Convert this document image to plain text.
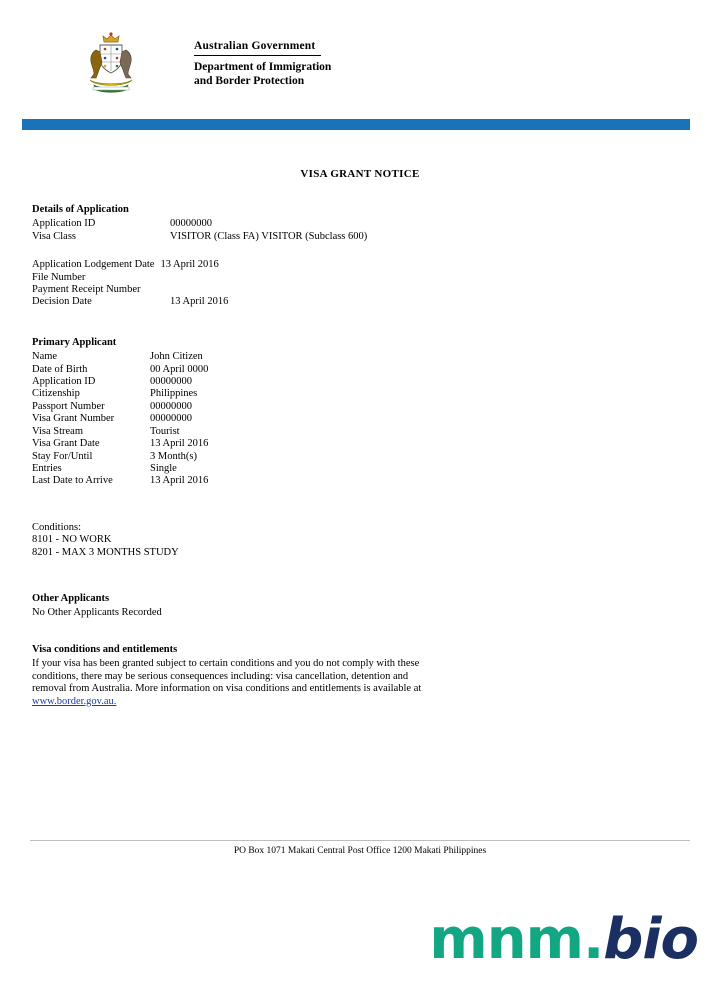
Australian Government
Department of Immigration
and Border Protection
VISA GRANT NOTICE
Details of Application
Application ID	00000000
Visa Class	VISITOR (Class FA) VISITOR (Subclass 600)
Application Lodgement Date 13 April 2016
File Number
Payment Receipt Number
Decision Date	13 April 2016
Primary Applicant
Name	John Citizen
Date of Birth	00 April 0000
Application ID	00000000
Citizenship	Philippines
Passport Number	00000000
Visa Grant Number	00000000
Visa Stream	Tourist
Visa Grant Date	13 April 2016
Stay For/Until	3 Month(s)
Entries	Single
Last Date to Arrive	13 April 2016
Conditions:
8101 - NO WORK
8201 - MAX 3 MONTHS STUDY
Other Applicants
No Other Applicants Recorded
Visa conditions and entitlements
If your visa has been granted subject to certain conditions and you do not comply with these conditions, there may be serious consequences including: visa cancellation, detention and removal from Australia. More information on visa conditions and entitlements is available at
www.border.gov.au.
PO Box 1071 Makati Central Post Office 1200 Makati Philippines
mnm.bio
